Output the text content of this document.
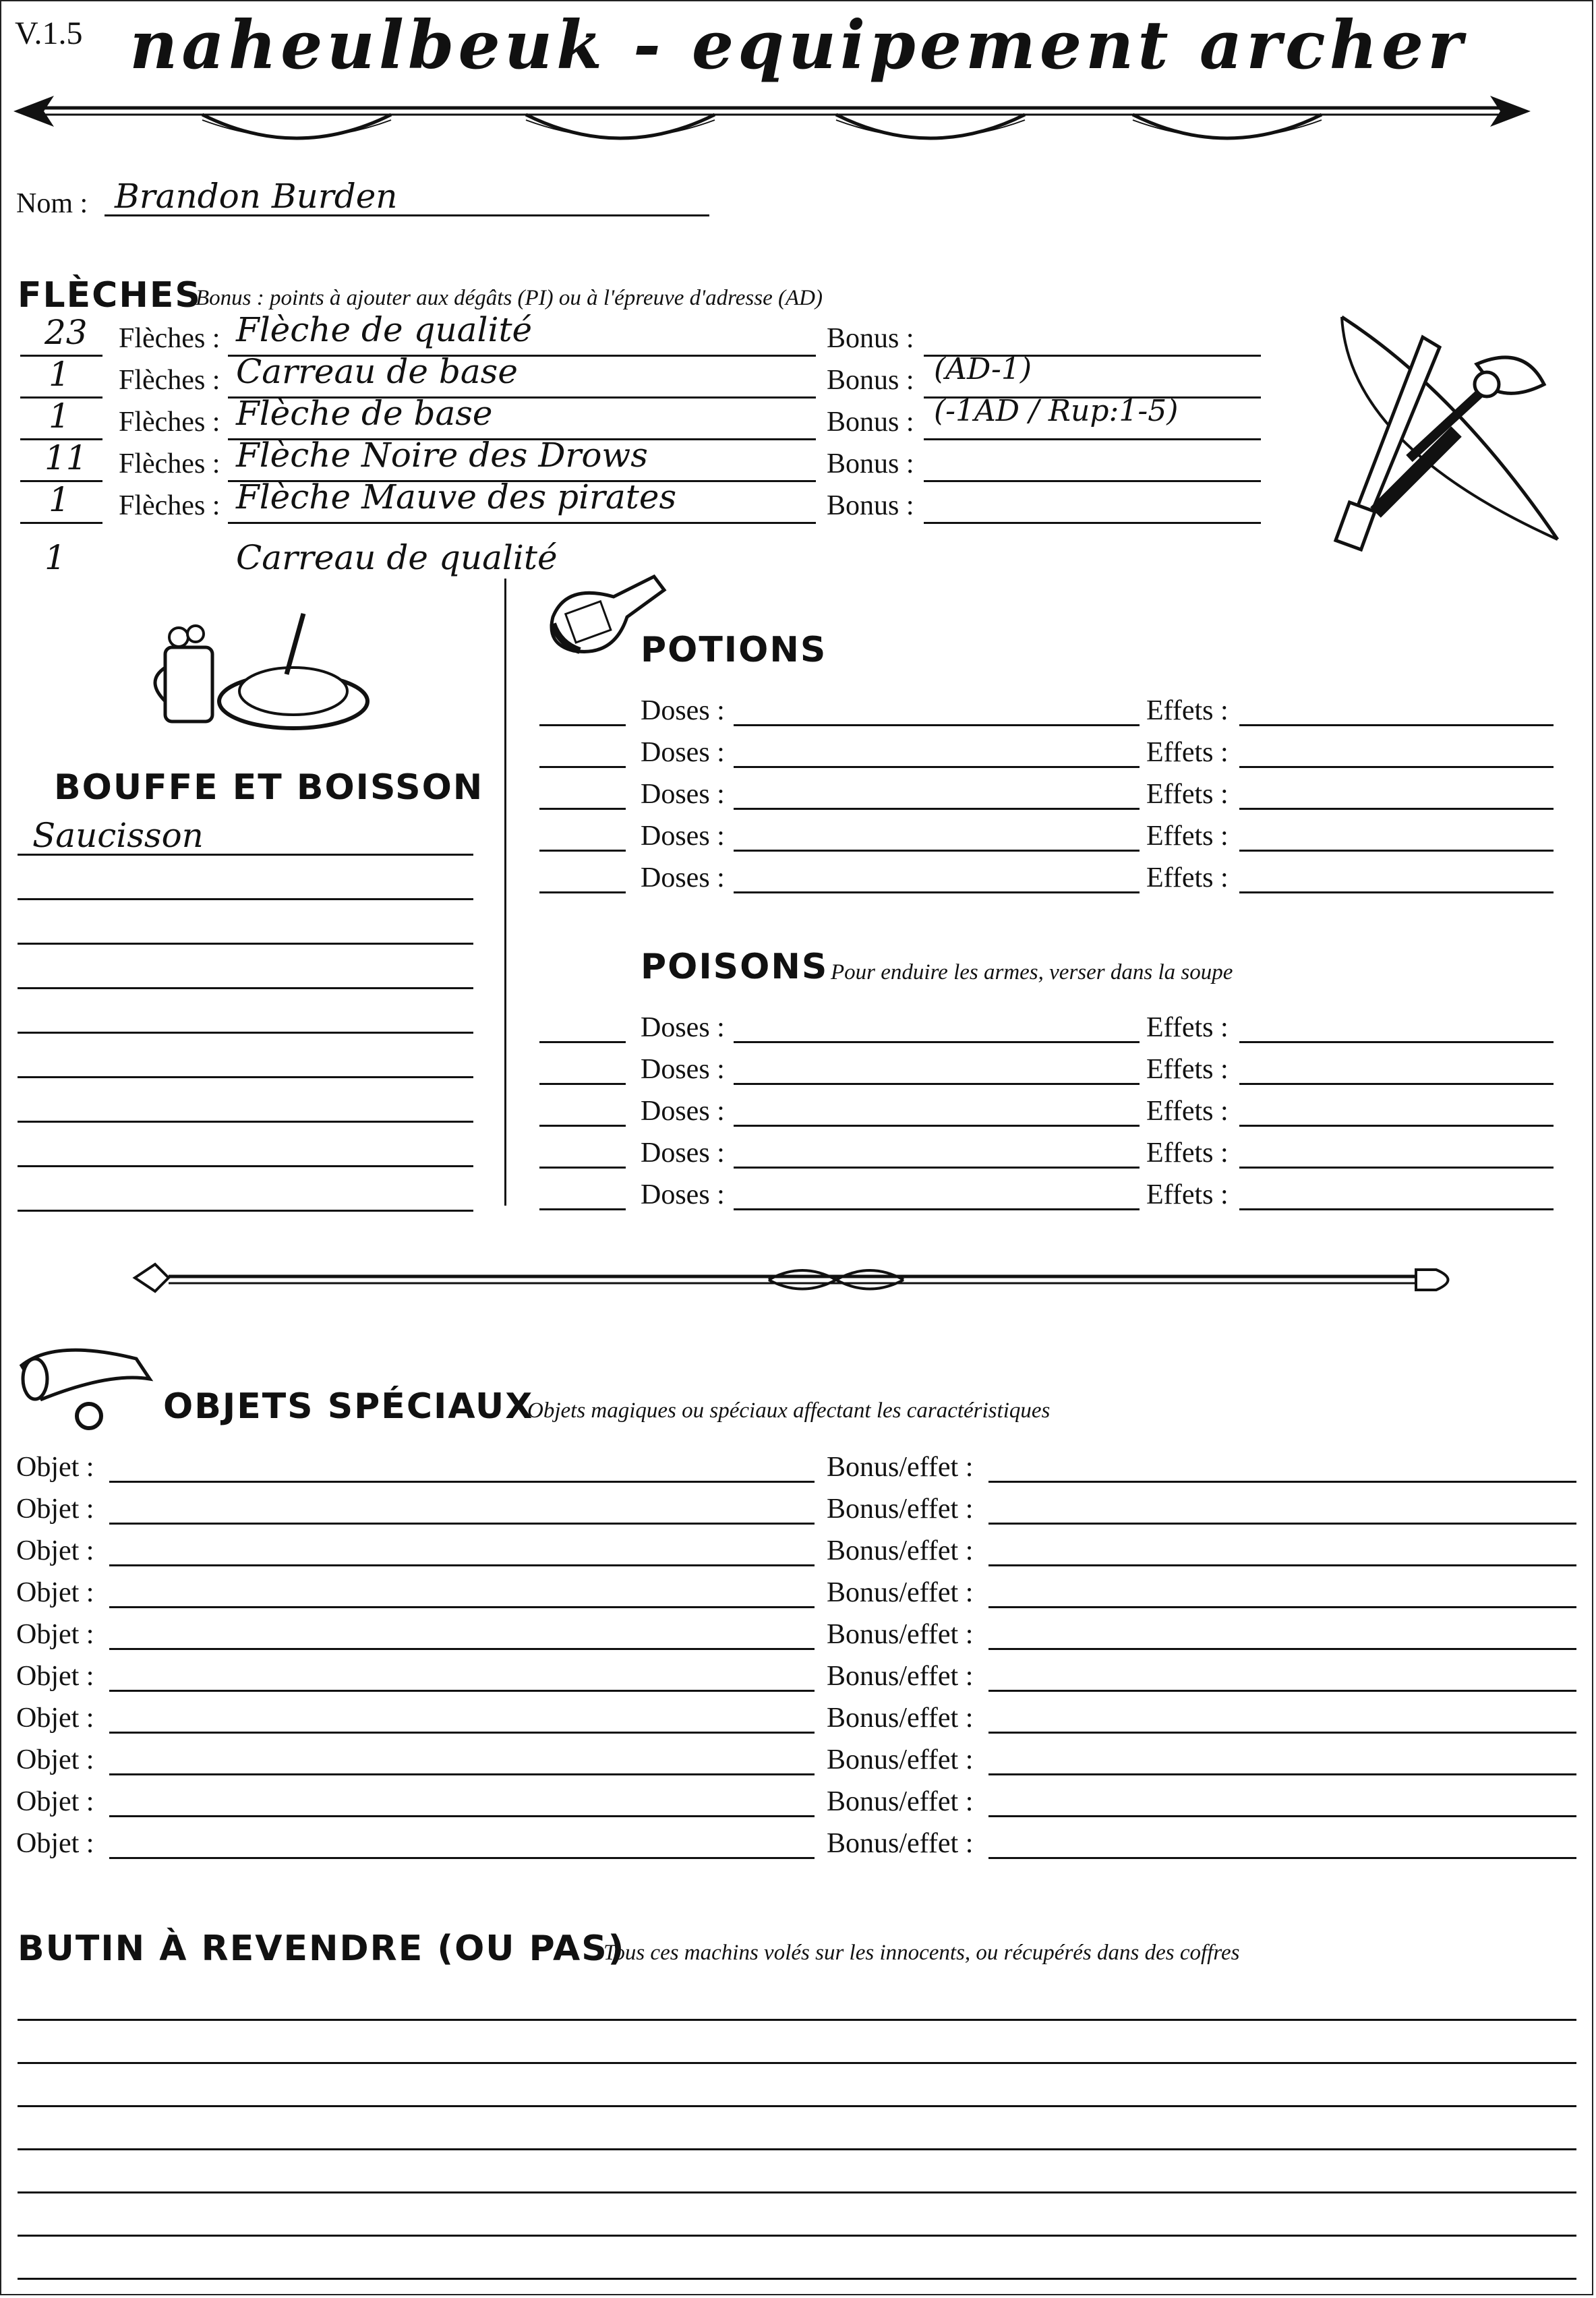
V.1.5 naheulbeuk - equipement archer
Nom : Brandon Burden
FLÈCHES
Bonus : points à ajouter aux dégâts (PI) ou à l'épreuve d'adresse (AD)
23 Flèches : Flèche de qualité	Bonus :
1 Flèches : Carreau de base	Bonus : (AD-1)
1 Flèches : Flèche de base	Bonus : (-1AD / Rup:1-5)
11 Flèches : Flèche Noire des Drows	Bonus :
1 Flèches : Flèche Mauve des pirates	Bonus :
1	Carreau de qualité
BOUFFE ET BOISSON
Saucisson
POTIONS
Doses :	Effets :
Doses :	Effets :
Doses :	Effets :
Doses :	Effets :
Doses :	Effets :
POISONS Pour enduire les armes, verser dans la soupe
Doses :	Effets :
Doses :	Effets :
Doses :	Effets :
Doses :	Effets :
Doses :	Effets :
OBJETS SPÉCIAUX
Objets magiques ou spéciaux affectant les caractéristiques
Objet :	Bonus/effet :
Objet :	Bonus/effet :
Objet :	Bonus/effet :
Objet :	Bonus/effet :
Objet :	Bonus/effet :
Objet :	Bonus/effet :
Objet :	Bonus/effet :
Objet :	Bonus/effet :
Objet :	Bonus/effet :
Objet :	Bonus/effet :
BUTIN À REVENDRE (OU PAS)
Tous ces machins volés sur les innocents, ou récupérés dans des coffres
